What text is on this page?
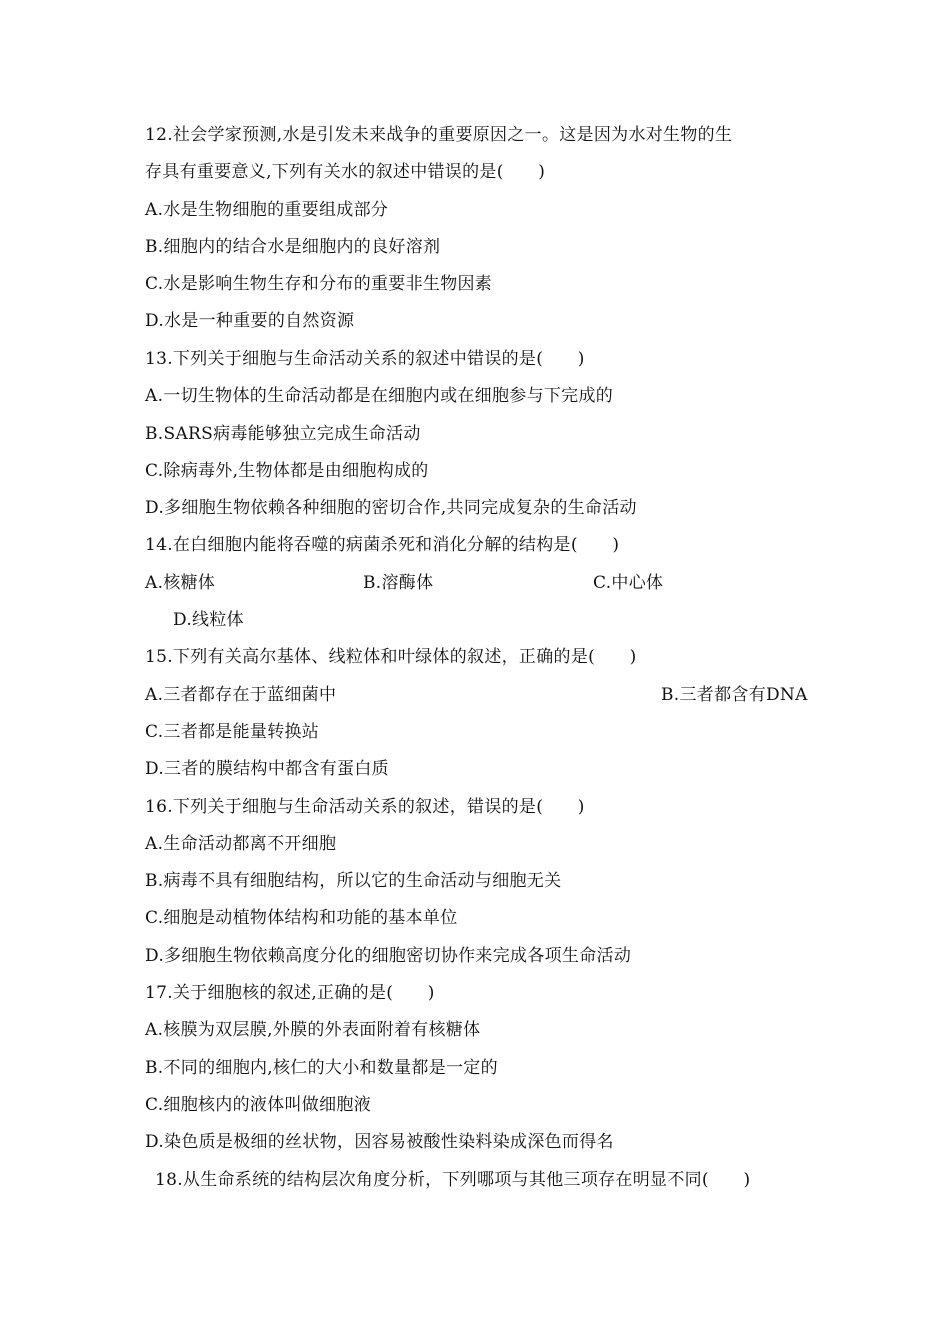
12.社会学家预测,水是引发未来战争的重要原因之一。这是因为水对生物的生
存具有重要意义,下列有关水的叙述中错误的是(　　)
A.水是生物细胞的重要组成部分
B.细胞内的结合水是细胞内的良好溶剂
C.水是影响生物生存和分布的重要非生物因素
D.水是一种重要的自然资源
13.下列关于细胞与生命活动关系的叙述中错误的是(　　)
A.一切生物体的生命活动都是在细胞内或在细胞参与下完成的
B.SARS病毒能够独立完成生命活动
C.除病毒外,生物体都是由细胞构成的
D.多细胞生物依赖各种细胞的密切合作,共同完成复杂的生命活动
14.在白细胞内能将吞噬的病菌杀死和消化分解的结构是(　　)
A.核糖体	B.溶酶体	C.中心体
D.线粒体
15.下列有关高尔基体、线粒体和叶绿体的叙述，正确的是(　　)
A.三者都存在于蓝细菌中	B.三者都含有DNA
C.三者都是能量转换站
D.三者的膜结构中都含有蛋白质
16.下列关于细胞与生命活动关系的叙述，错误的是(　　)
A.生命活动都离不开细胞
B.病毒不具有细胞结构，所以它的生命活动与细胞无关
C.细胞是动植物体结构和功能的基本单位
D.多细胞生物依赖高度分化的细胞密切协作来完成各项生命活动
17.关于细胞核的叙述,正确的是(　　)
A.核膜为双层膜,外膜的外表面附着有核糖体
B.不同的细胞内,核仁的大小和数量都是一定的
C.细胞核内的液体叫做细胞液
D.染色质是极细的丝状物，因容易被酸性染料染成深色而得名
18.从生命系统的结构层次角度分析，下列哪项与其他三项存在明显不同(　　)
